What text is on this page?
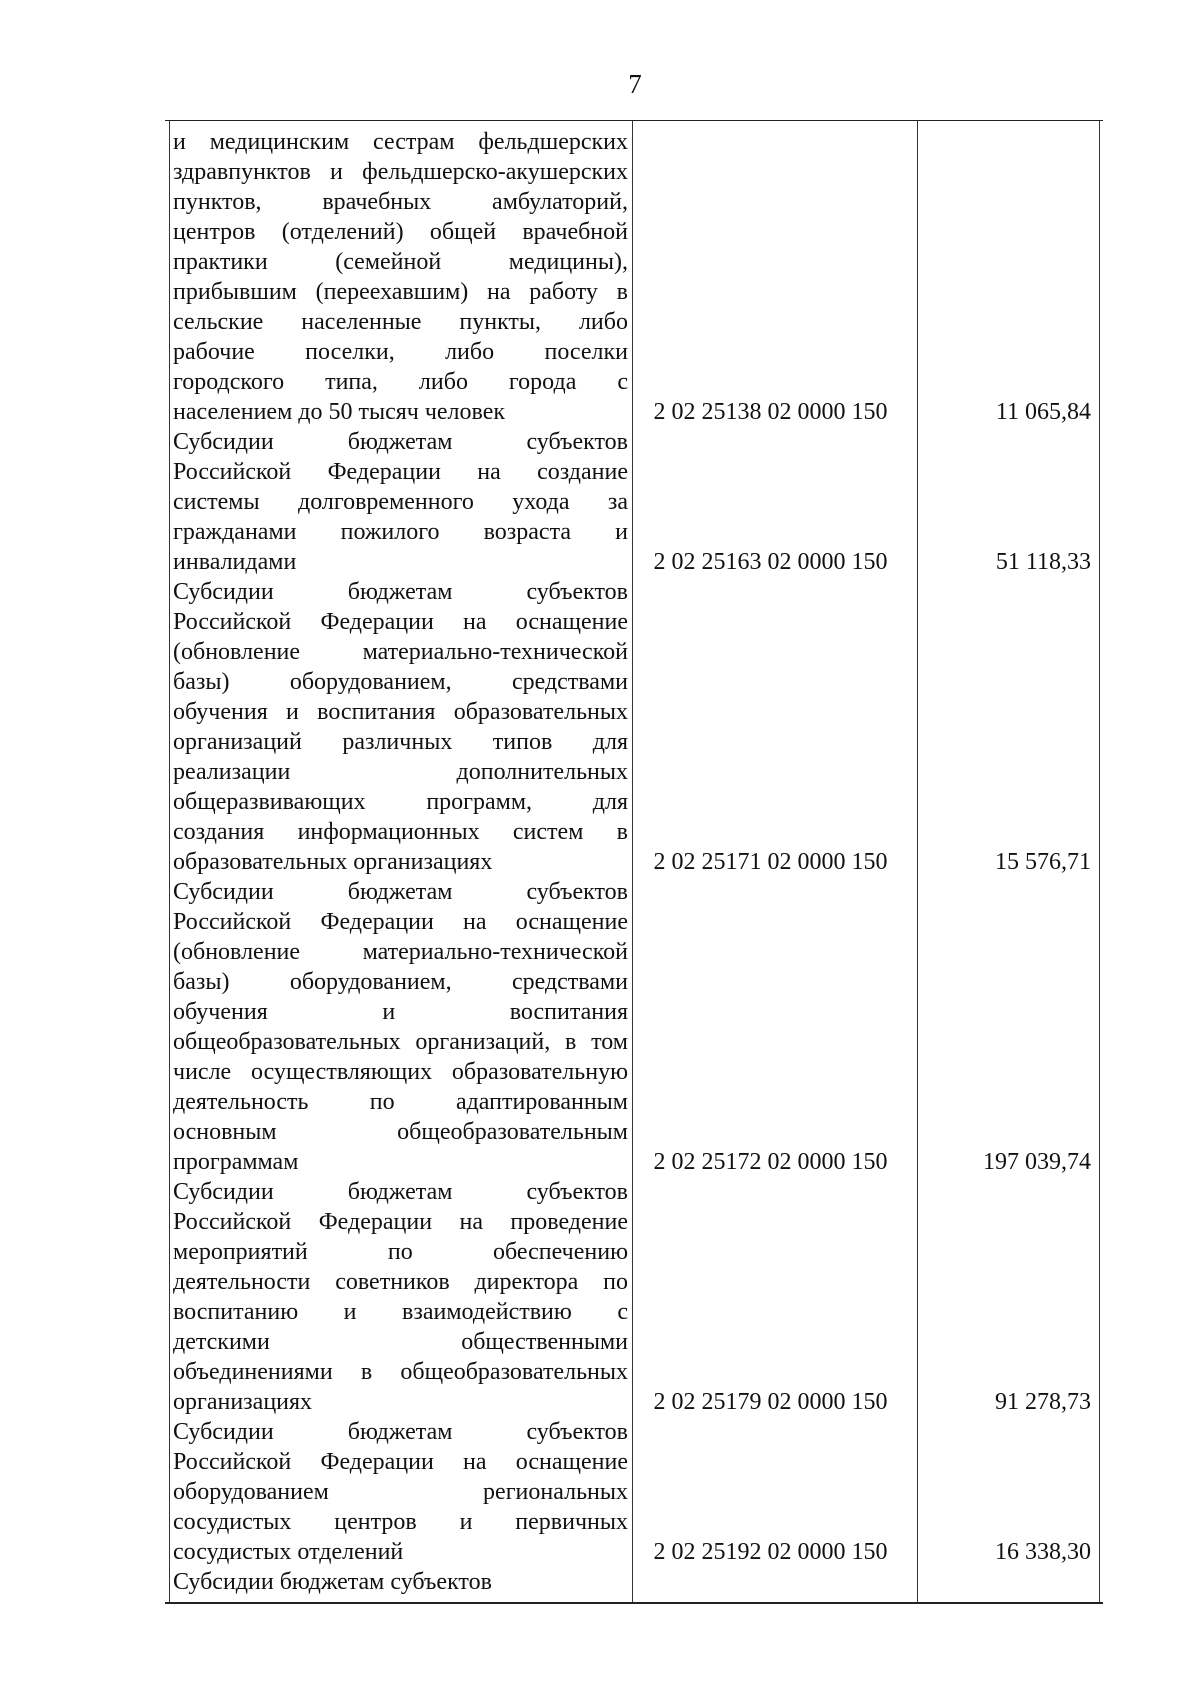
7
и медицинским сестрам фельдшерских
здравпунктов и фельдшерско-акушерских
пунктов, врачебных амбулаторий,
центров (отделений) общей врачебной
практики (семейной медицины),
прибывшим (переехавшим) на работу в
сельские населенные пункты, либо
рабочие поселки, либо поселки
городского типа, либо города с
населением до 50 тысяч человек	2 02 25138 02 0000 150	11 065,84
Субсидии бюджетам субъектов
Российской Федерации на создание
системы долговременного ухода за
гражданами пожилого возраста и
инвалидами	2 02 25163 02 0000 150	51 118,33
Субсидии бюджетам субъектов
Российской Федерации на оснащение
(обновление материально-технической
базы) оборудованием, средствами
обучения и воспитания образовательных
организаций различных типов для
реализации дополнительных
общеразвивающих программ, для
создания информационных систем в
образовательных организациях	2 02 25171 02 0000 150	15 576,71
Субсидии бюджетам субъектов
Российской Федерации на оснащение
(обновление материально-технической
базы) оборудованием, средствами
обучения и воспитания
общеобразовательных организаций, в том
числе осуществляющих образовательную
деятельность по адаптированным
основным общеобразовательным
программам	2 02 25172 02 0000 150	197 039,74
Субсидии бюджетам субъектов
Российской Федерации на проведение
мероприятий по обеспечению
деятельности советников директора по
воспитанию и взаимодействию с
детскими общественными
объединениями в общеобразовательных
организациях	2 02 25179 02 0000 150	91 278,73
Субсидии бюджетам субъектов
Российской Федерации на оснащение
оборудованием региональных
сосудистых центров и первичных
сосудистых отделений	2 02 25192 02 0000 150	16 338,30
Субсидии бюджетам субъектов
